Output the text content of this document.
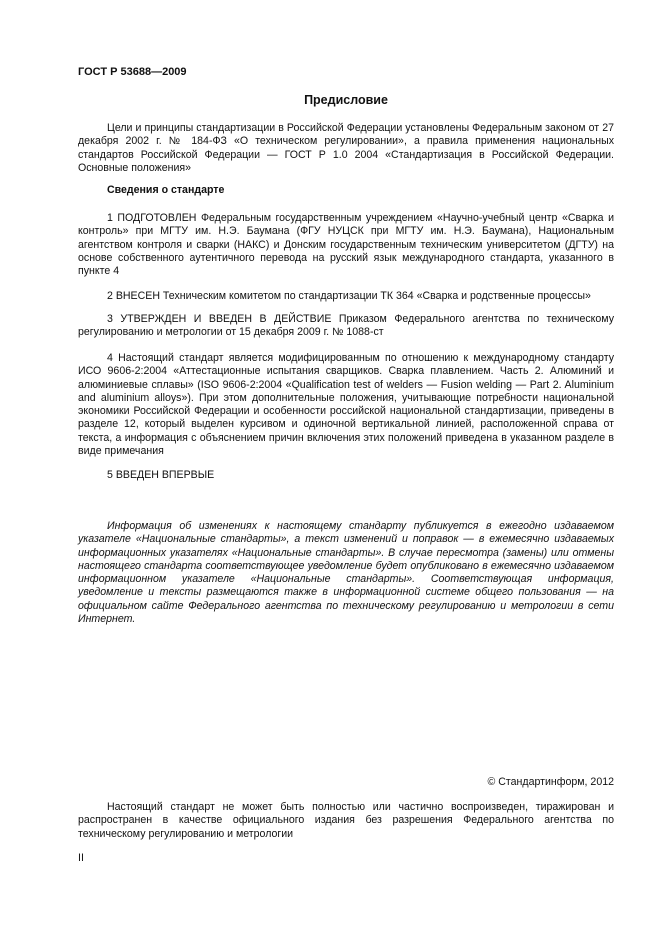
ГОСТ Р 53688—2009
Предисловие

Цели и принципы стандартизации в Российской Федерации установлены Федеральным законом от 27 декабря 2002 г. № 184-ФЗ «О техническом регулировании», а правила применения национальных стандартов Российской Федерации — ГОСТ Р 1.0 2004 «Стандартизация в Российской Федерации. Основные положения»

Сведения о стандарте

1 ПОДГОТОВЛЕН Федеральным государственным учреждением «Научно-учебный центр «Сварка и контроль» при МГТУ им. Н.Э. Баумана (ФГУ НУЦСК при МГТУ им. Н.Э. Баумана), Национальным агентством контроля и сварки (НАКС) и Донским государственным техническим университетом (ДГТУ) на основе собственного аутентичного перевода на русский язык международного стандарта, указанного в пункте 4

2 ВНЕСЕН Техническим комитетом по стандартизации ТК 364 «Сварка и родственные процессы»

3 УТВЕРЖДЕН И ВВЕДЕН В ДЕЙСТВИЕ Приказом Федерального агентства по техническому регулированию и метрологии от 15 декабря 2009 г. № 1088-ст

4 Настоящий стандарт является модифицированным по отношению к международному стандарту ИСО 9606-2:2004 «Аттестационные испытания сварщиков. Сварка плавлением. Часть 2. Алюминий и алюминиевые сплавы» (ISO 9606-2:2004 «Qualification test of welders — Fusion welding — Part 2. Aluminium and aluminium alloys»). При этом дополнительные положения, учитывающие потребности национальной экономики Российской Федерации и особенности российской национальной стандартизации, приведены в разделе 12, который выделен курсивом и одиночной вертикальной линией, расположенной справа от текста, а информация с объяснением причин включения этих положений приведена в указанном разделе в виде примечания

5 ВВЕДЕН ВПЕРВЫЕ

Информация об изменениях к настоящему стандарту публикуется в ежегодно издаваемом указателе «Национальные стандарты», а текст изменений и поправок — в ежемесячно издаваемых информационных указателях «Национальные стандарты». В случае пересмотра (замены) или отмены настоящего стандарта соответствующее уведомление будет опубликовано в ежемесячно издаваемом информационном указателе «Национальные стандарты». Соответствующая информация, уведомление и тексты размещаются также в информационной системе общего пользования — на официальном сайте Федерального агентства по техническому регулированию и метрологии в сети Интернет.

© Стандартинформ, 2012

Настоящий стандарт не может быть полностью или частично воспроизведен, тиражирован и распространен в качестве официального издания без разрешения Федерального агентства по техническому регулированию и метрологии

II
